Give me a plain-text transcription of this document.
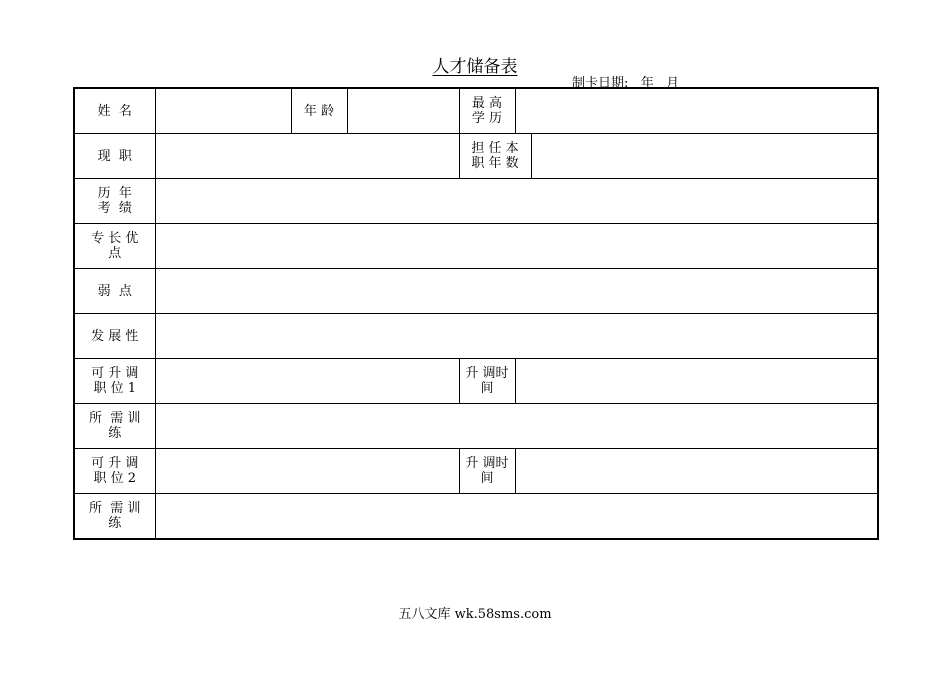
人才储备表
制卡日期:   年   月
姓  名		年 龄		最 高
学 历		
现  职				担 任 本
职 年 数		
历  年
考  绩						
专 长 优
点						
弱  点						
发 展 性						
可 升 调
职 位 1				升 调时
间		
所  需 训
练						
可 升 调
职 位 2				升 调时
间		
所  需 训
练						
五八文库 wk.58sms.com
